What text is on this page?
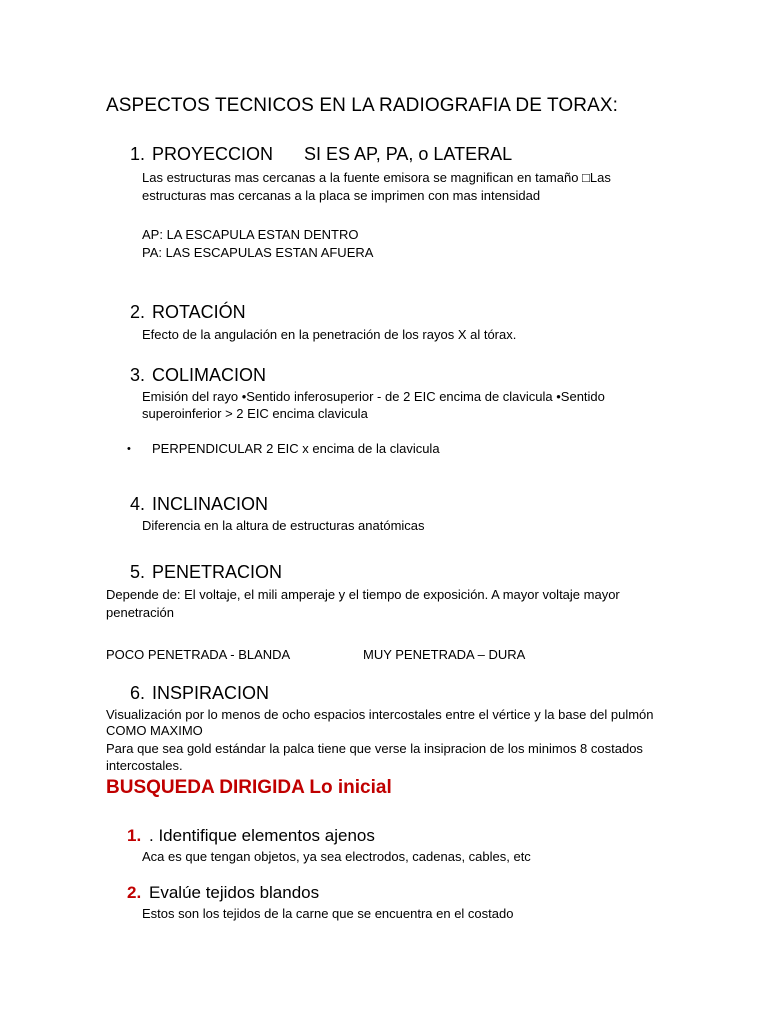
ASPECTOS TECNICOS EN LA RADIOGRAFIA DE TORAX:
1. PROYECCION SI ES AP, PA, o LATERAL
Las estructuras mas cercanas a la fuente emisora se magnifican en tamaño □Las
estructuras mas cercanas a la placa se imprimen con mas intensidad
AP: LA ESCAPULA ESTAN DENTRO
PA: LAS ESCAPULAS ESTAN AFUERA
2. ROTACIÓN
Efecto de la angulación en la penetración de los rayos X al tórax.
3. COLIMACION
Emisión del rayo •Sentido inferosuperior - de 2 EIC encima de clavicula •Sentido
superoinferior > 2 EIC encima clavicula
• PERPENDICULAR 2 EIC x encima de la clavicula
4. INCLINACION
Diferencia en la altura de estructuras anatómicas
5. PENETRACION
Depende de: El voltaje, el mili amperaje y el tiempo de exposición. A mayor voltaje mayor
penetración
POCO PENETRADA - BLANDA	MUY PENETRADA – DURA
6. INSPIRACION
Visualización por lo menos de ocho espacios intercostales entre el vértice y la base del pulmón
COMO MAXIMO
Para que sea gold estándar la palca tiene que verse la insipracion de los minimos 8 costados
intercostales.
BUSQUEDA DIRIGIDA Lo inicial
1. . Identifique elementos ajenos
Aca es que tengan objetos, ya sea electrodos, cadenas, cables, etc
2. Evalúe tejidos blandos
Estos son los tejidos de la carne que se encuentra en el costado
